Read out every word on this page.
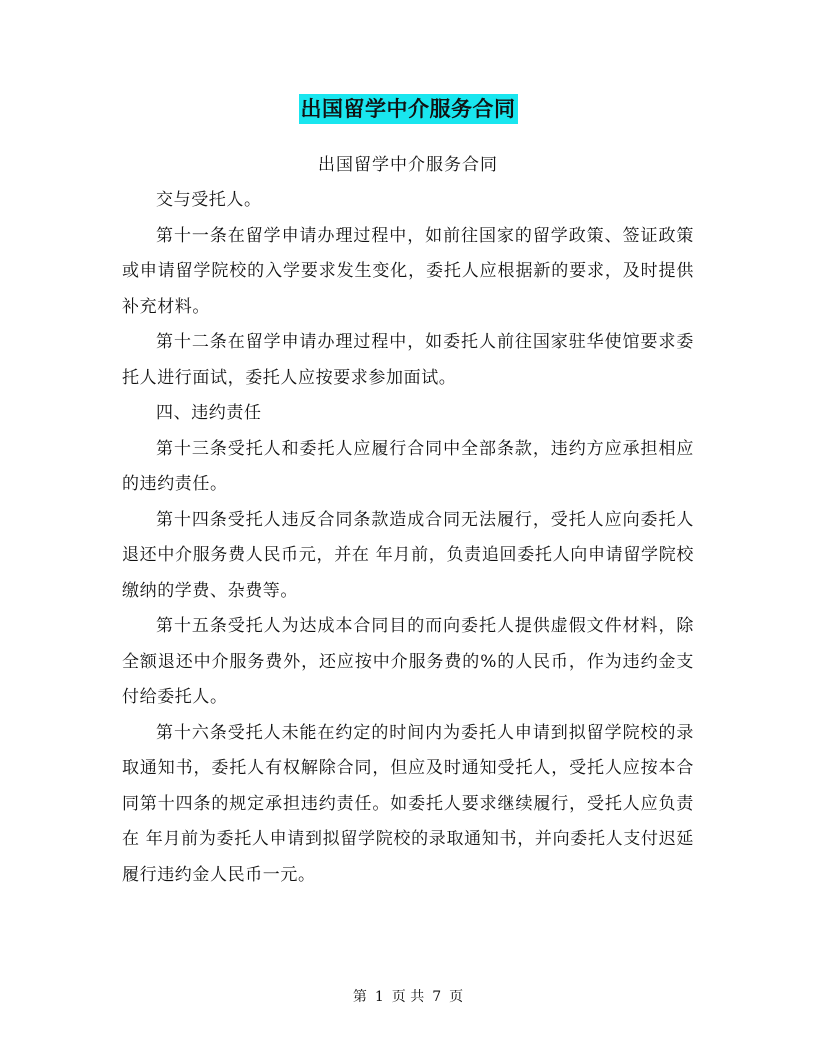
出国留学中介服务合同
出国留学中介服务合同

交与受托人。

第十一条在留学申请办理过程中，如前往国家的留学政策、签证政策或申请留学院校的入学要求发生变化，委托人应根据新的要求，及时提供补充材料。

第十二条在留学申请办理过程中，如委托人前往国家驻华使馆要求委托人进行面试，委托人应按要求参加面试。

四、违约责任

第十三条受托人和委托人应履行合同中全部条款，违约方应承担相应的违约责任。

第十四条受托人违反合同条款造成合同无法履行，受托人应向委托人退还中介服务费人民币元，并在 年月前，负责追回委托人向申请留学院校缴纳的学费、杂费等。

第十五条受托人为达成本合同目的而向委托人提供虚假文件材料，除全额退还中介服务费外，还应按中介服务费的%的人民币，作为违约金支付给委托人。

第十六条受托人未能在约定的时间内为委托人申请到拟留学院校的录取通知书，委托人有权解除合同，但应及时通知受托人，受托人应按本合同第十四条的规定承担违约责任。如委托人要求继续履行，受托人应负责在 年月前为委托人申请到拟留学院校的录取通知书，并向委托人支付迟延履行违约金人民币一元。

第 1 页 共 7 页
